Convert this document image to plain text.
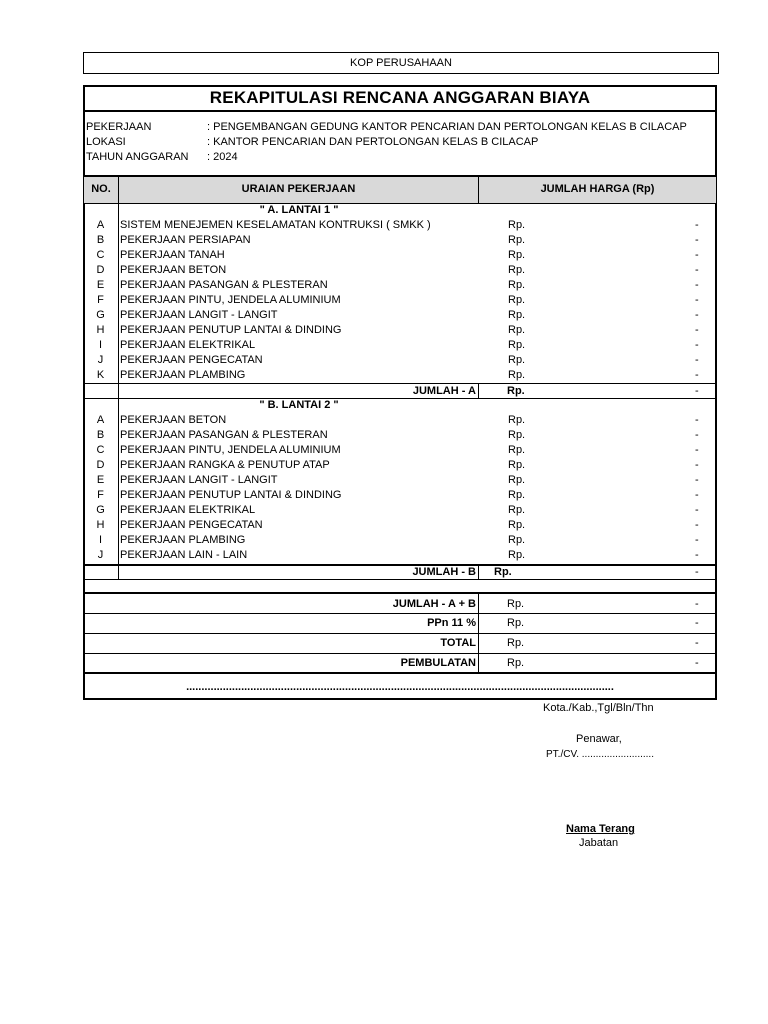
KOP PERUSAHAAN
REKAPITULASI RENCANA ANGGARAN BIAYA
PEKERJAAN	: PENGEMBANGAN GEDUNG KANTOR PENCARIAN DAN PERTOLONGAN KELAS B CILACAP
LOKASI	: KANTOR PENCARIAN DAN PERTOLONGAN KELAS B CILACAP
TAHUN ANGGARAN : 2024
NO.	URAIAN PEKERJAAN	JUMLAH HARGA (Rp)
" A. LANTAI 1 "
A	SISTEM MENEJEMEN KESELAMATAN KONTRUKSI ( SMKK )	Rp.	-
B	PEKERJAAN PERSIAPAN	Rp.	-
C	PEKERJAAN TANAH	Rp.	-
D	PEKERJAAN BETON	Rp.	-
E	PEKERJAAN PASANGAN & PLESTERAN	Rp.	-
F	PEKERJAAN PINTU, JENDELA ALUMINIUM	Rp.	-
G	PEKERJAAN LANGIT - LANGIT	Rp.	-
H	PEKERJAAN PENUTUP LANTAI & DINDING	Rp.	-
I	PEKERJAAN ELEKTRIKAL	Rp.	-
J	PEKERJAAN PENGECATAN	Rp.	-
K	PEKERJAAN PLAMBING	Rp.	-
JUMLAH - A	Rp.	-
" B. LANTAI 2 "
A	PEKERJAAN BETON	Rp.	-
B	PEKERJAAN PASANGAN & PLESTERAN	Rp.	-
C	PEKERJAAN PINTU, JENDELA ALUMINIUM	Rp.	-
D	PEKERJAAN RANGKA & PENUTUP ATAP	Rp.	-
E	PEKERJAAN LANGIT - LANGIT	Rp.	-
F	PEKERJAAN PENUTUP LANTAI & DINDING	Rp.	-
G	PEKERJAAN ELEKTRIKAL	Rp.	-
H	PEKERJAAN PENGECATAN	Rp.	-
I	PEKERJAAN PLAMBING	Rp.	-
J	PEKERJAAN LAIN - LAIN	Rp.	-
JUMLAH - B Rp.	-
JUMLAH - A + B	Rp.	-
PPn 11 %	Rp.	-
TOTAL	Rp.	-
PEMBULATAN	Rp.	-
............................................................................................................................................
Kota./Kab.,Tgl/Bln/Thn
Penawar,
PT./CV. ..........................
Nama Terang
Jabatan
